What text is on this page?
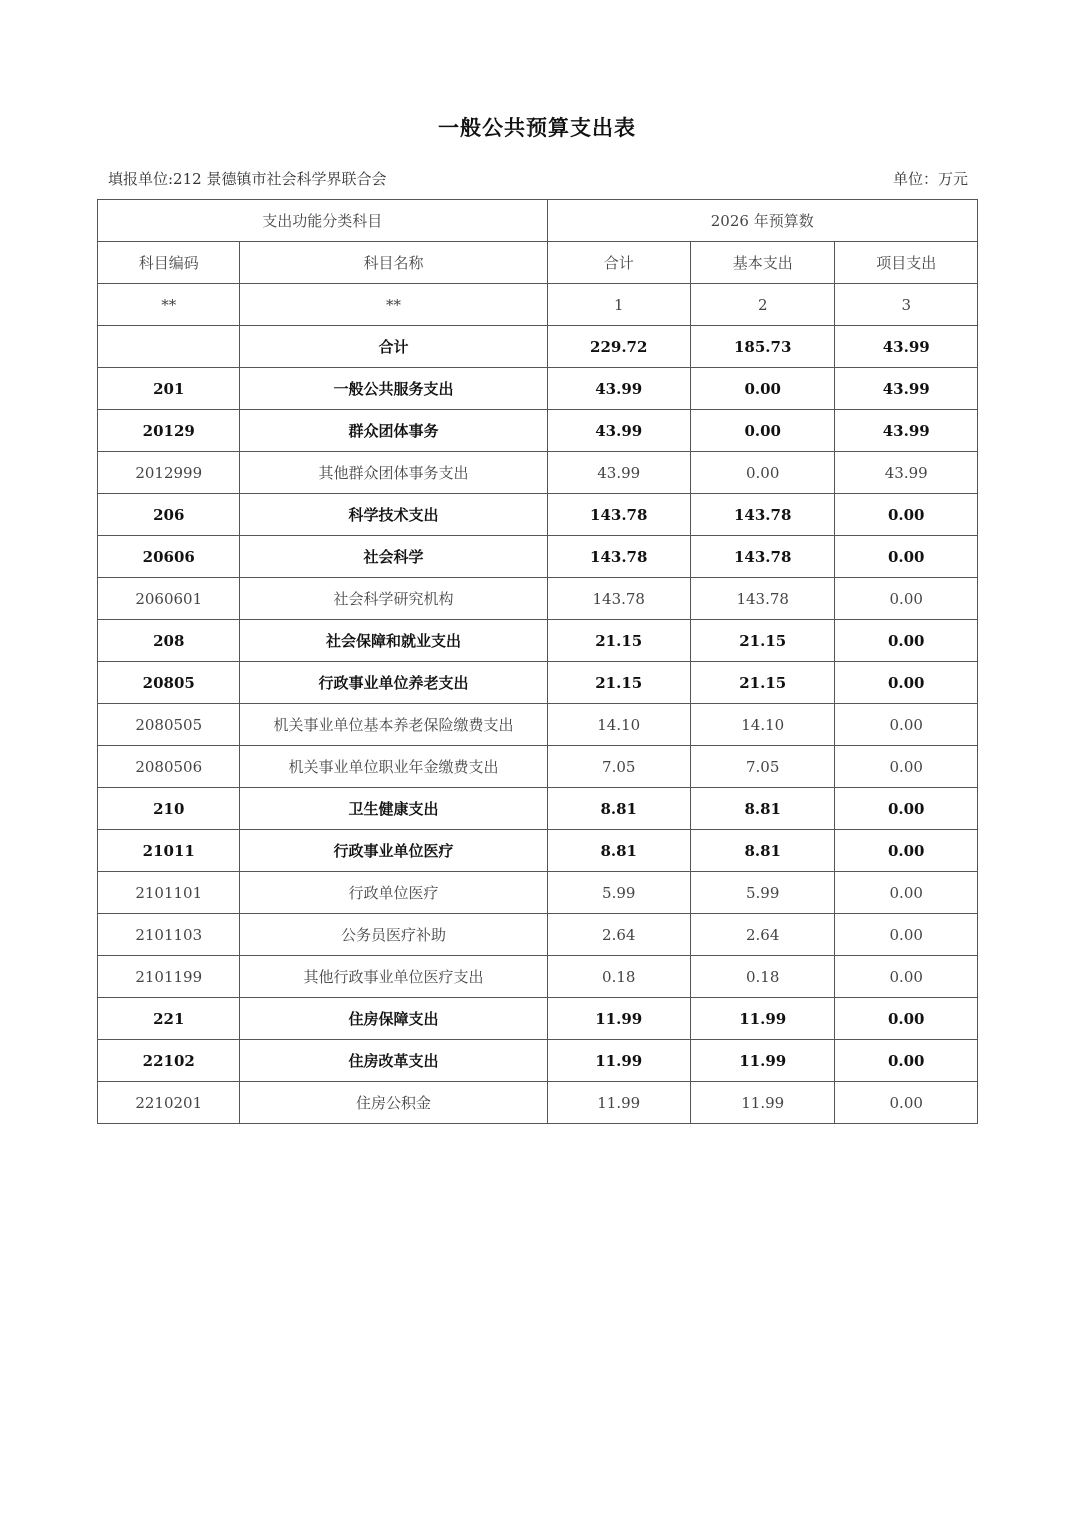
一般公共预算支出表
填报单位:212 景德镇市社会科学界联合会	单位：万元
支出功能分类科目		2026 年预算数		
科目编码	科目名称	合计	基本支出	项目支出
**	**	1	2	3
	合计	229.72	185.73	43.99
201	一般公共服务支出	43.99	0.00	43.99
20129	群众团体事务	43.99	0.00	43.99
2012999	其他群众团体事务支出	43.99	0.00	43.99
206	科学技术支出	143.78	143.78	0.00
20606	社会科学	143.78	143.78	0.00
2060601	社会科学研究机构	143.78	143.78	0.00
208	社会保障和就业支出	21.15	21.15	0.00
20805	行政事业单位养老支出	21.15	21.15	0.00
2080505	机关事业单位基本养老保险缴费支出	14.10	14.10	0.00
2080506	机关事业单位职业年金缴费支出	7.05	7.05	0.00
210	卫生健康支出	8.81	8.81	0.00
21011	行政事业单位医疗	8.81	8.81	0.00
2101101	行政单位医疗	5.99	5.99	0.00
2101103	公务员医疗补助	2.64	2.64	0.00
2101199	其他行政事业单位医疗支出	0.18	0.18	0.00
221	住房保障支出	11.99	11.99	0.00
22102	住房改革支出	11.99	11.99	0.00
2210201	住房公积金	11.99	11.99	0.00
